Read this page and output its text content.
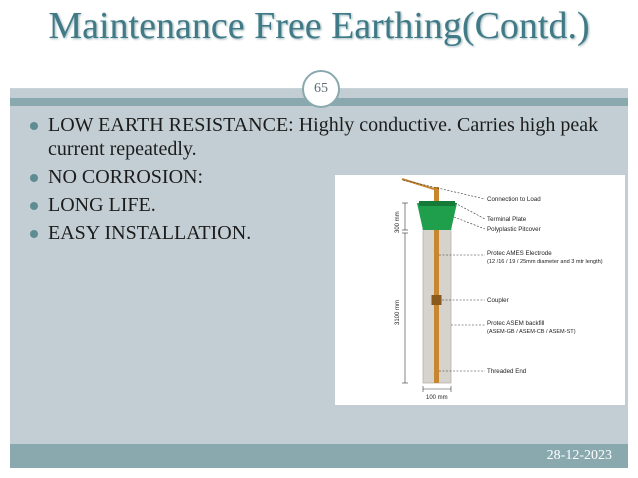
Maintenance Free Earthing(Contd.)
65
LOW EARTH RESISTANCE: Highly conductive. Carries high peak current repeatedly.
NO CORROSION:
LONG LIFE.
EASY INSTALLATION.	300 mm
3100 mm
100 mm
Connection to Load
Terminal Plate
Polyplastic Pitcover
Protec AMES Electrode
(12 /16 / 19 / 25mm diameter and 3 mtr length)
Coupler
Protec ASEM backfill
(ASEM-GB / ASEM-CB / ASEM-ST)
Threaded End
28-12-2023
